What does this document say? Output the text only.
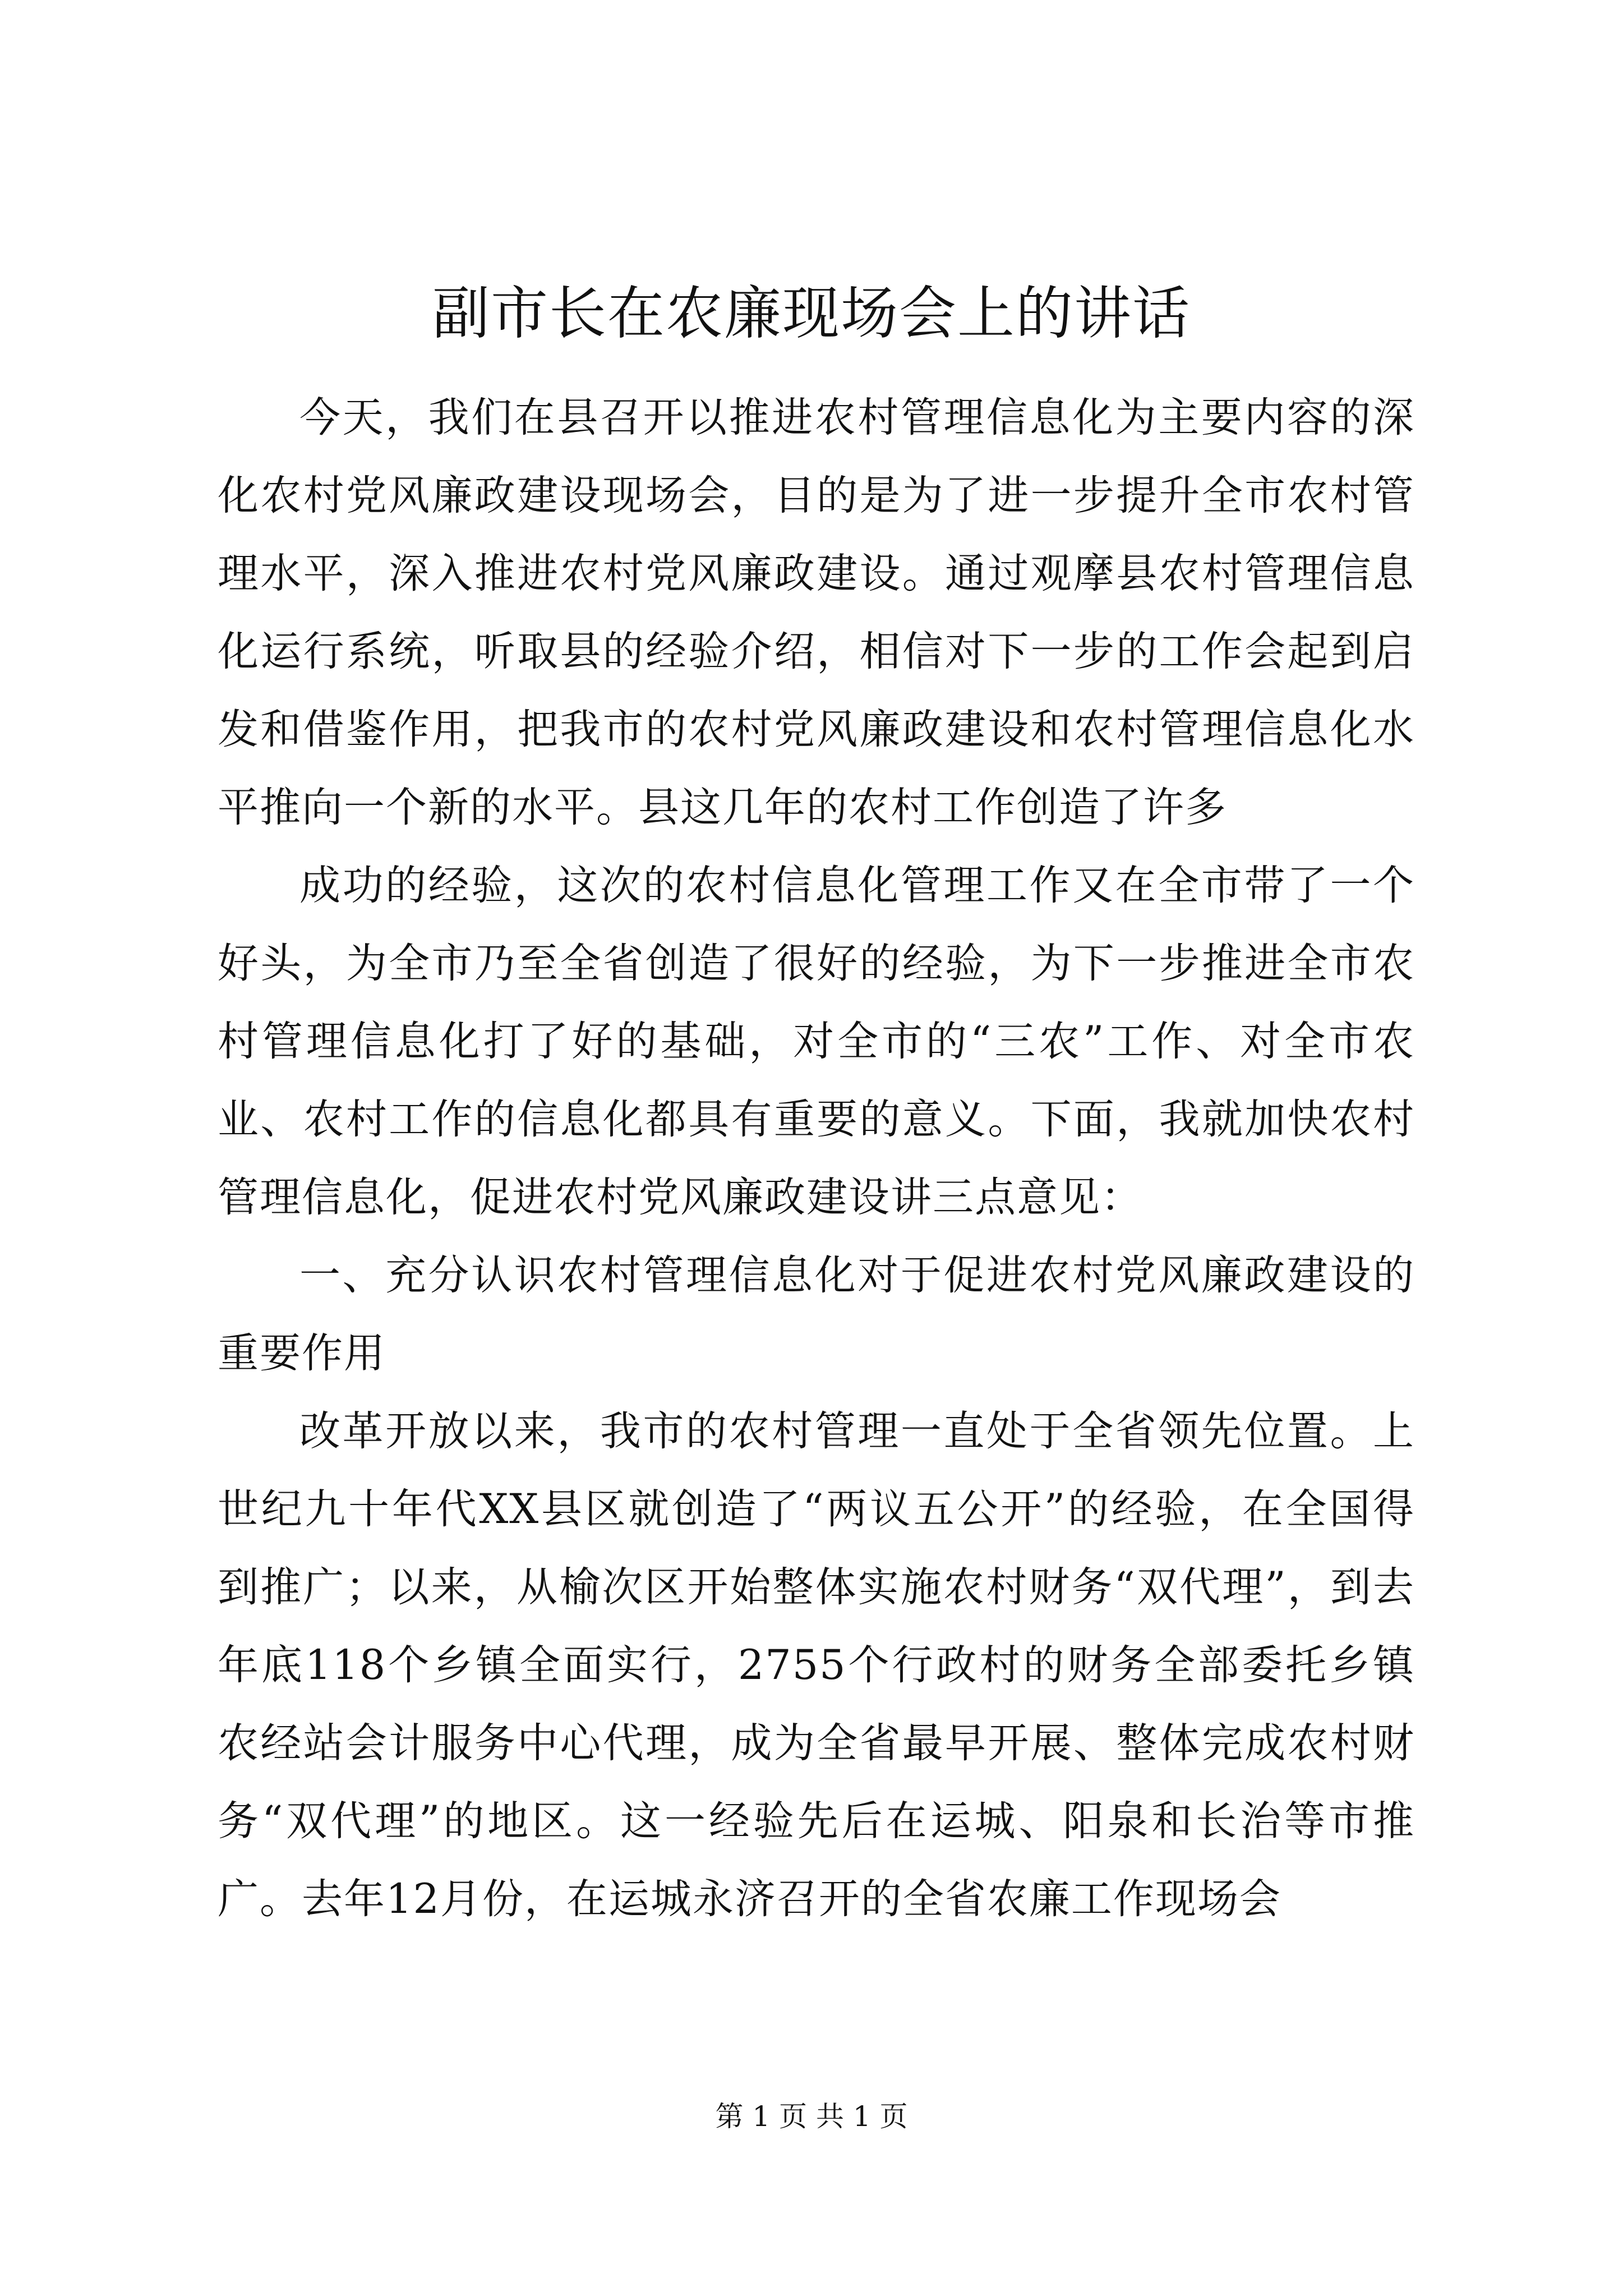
副市长在农廉现场会上的讲话

今天，我们在县召开以推进农村管理信息化为主要内容的深化农村党风廉政建设现场会，目的是为了进一步提升全市农村管理水平，深入推进农村党风廉政建设。通过观摩县农村管理信息化运行系统，听取县的经验介绍，相信对下一步的工作会起到启发和借鉴作用，把我市的农村党风廉政建设和农村管理信息化水平推向一个新的水平。县这几年的农村工作创造了许多

成功的经验，这次的农村信息化管理工作又在全市带了一个好头，为全市乃至全省创造了很好的经验，为下一步推进全市农村管理信息化打了好的基础，对全市的“三农”工作、对全市农业、农村工作的信息化都具有重要的意义。下面，我就加快农村管理信息化，促进农村党风廉政建设讲三点意见：

一、充分认识农村管理信息化对于促进农村党风廉政建设的重要作用

改革开放以来，我市的农村管理一直处于全省领先位置。上世纪九十年代XX县区就创造了“两议五公开”的经验，在全国得到推广；以来，从榆次区开始整体实施农村财务“双代理”，到去年底118个乡镇全面实行，2755个行政村的财务全部委托乡镇农经站会计服务中心代理，成为全省最早开展、整体完成农村财务“双代理”的地区。这一经验先后在运城、阳泉和长治等市推广。去年12月份，在运城永济召开的全省农廉工作现场会

第 1 页 共 1 页
